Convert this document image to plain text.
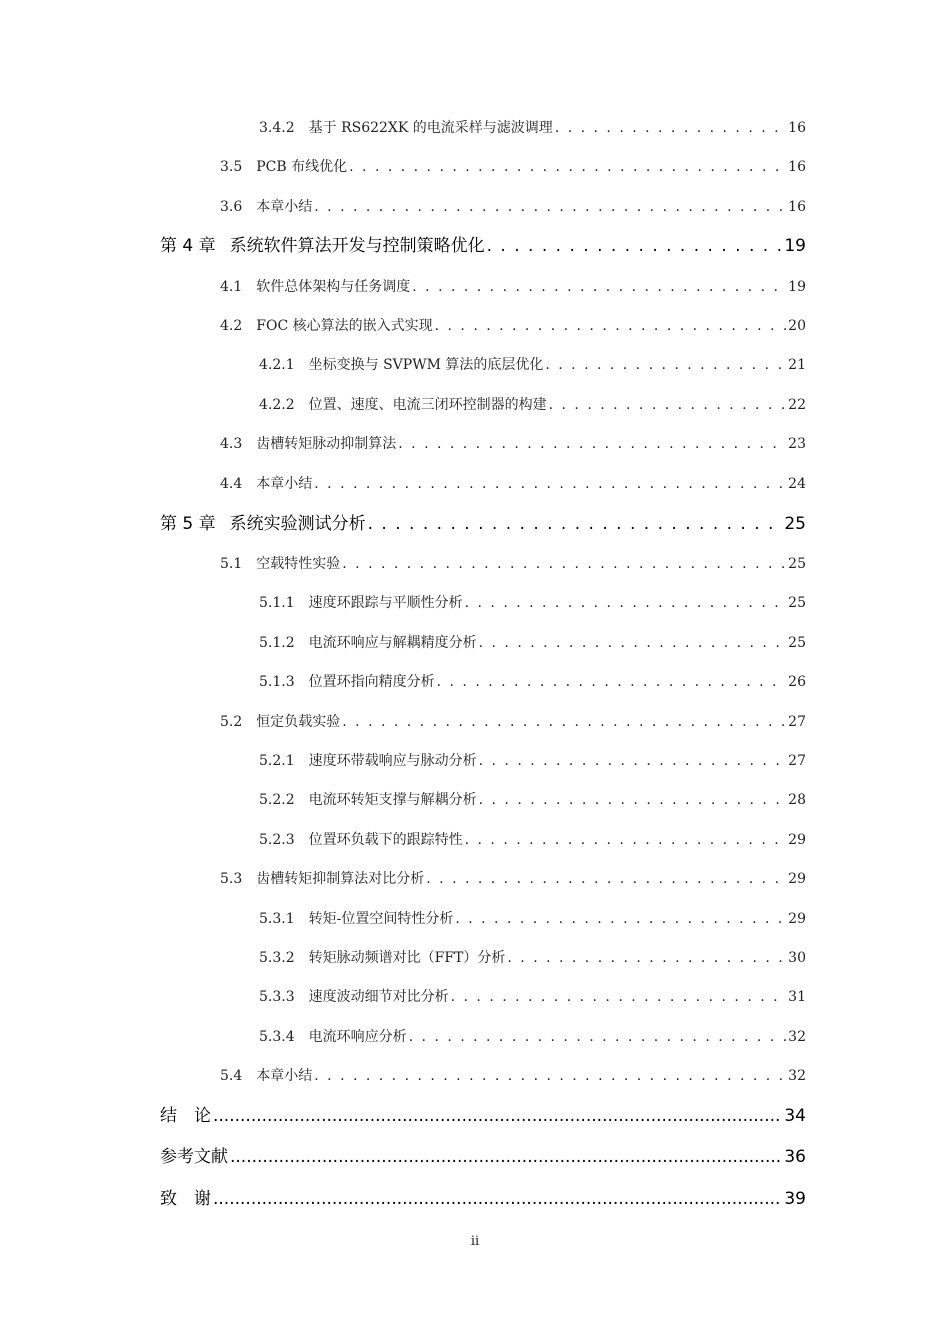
3.4.2 基于 RS622XK 的电流采样与滤波调理 . . .	16
3.5 PCB 布线优化 . . .	16
3.6 本章小结 . . .	16
第 4 章 系统软件算法开发与控制策略优化 . . .	19
4.1 软件总体架构与任务调度 . . .	19
4.2 FOC 核心算法的嵌入式实现 . . .	20
4.2.1 坐标变换与 SVPWM 算法的底层优化 . . .	21
4.2.2 位置、速度、电流三闭环控制器的构建 . . .	22
4.3 齿槽转矩脉动抑制算法 . . .	23
4.4 本章小结 . . .	24
第 5 章 系统实验测试分析 . . .	25
5.1 空载特性实验 . . .	25
5.1.1 速度环跟踪与平顺性分析 . . .	25
5.1.2 电流环响应与解耦精度分析 . . .	25
5.1.3 位置环指向精度分析 . . .	26
5.2 恒定负载实验 . . .	27
5.2.1 速度环带载响应与脉动分析 . . .	27
5.2.2 电流环转矩支撑与解耦分析 . . .	28
5.2.3 位置环负载下的跟踪特性 . . .	29
5.3 齿槽转矩抑制算法对比分析 . . .	29
5.3.1 转矩-位置空间特性分析 . . .	29
5.3.2 转矩脉动频谱对比（FFT）分析 . . .	30
5.3.3 速度波动细节对比分析 . . .	31
5.3.4 电流环响应分析 . . .	32
5.4 本章小结 . . .	32
结　论 .....	34
参考文献 .....	36
致　谢 .....	39
ii
